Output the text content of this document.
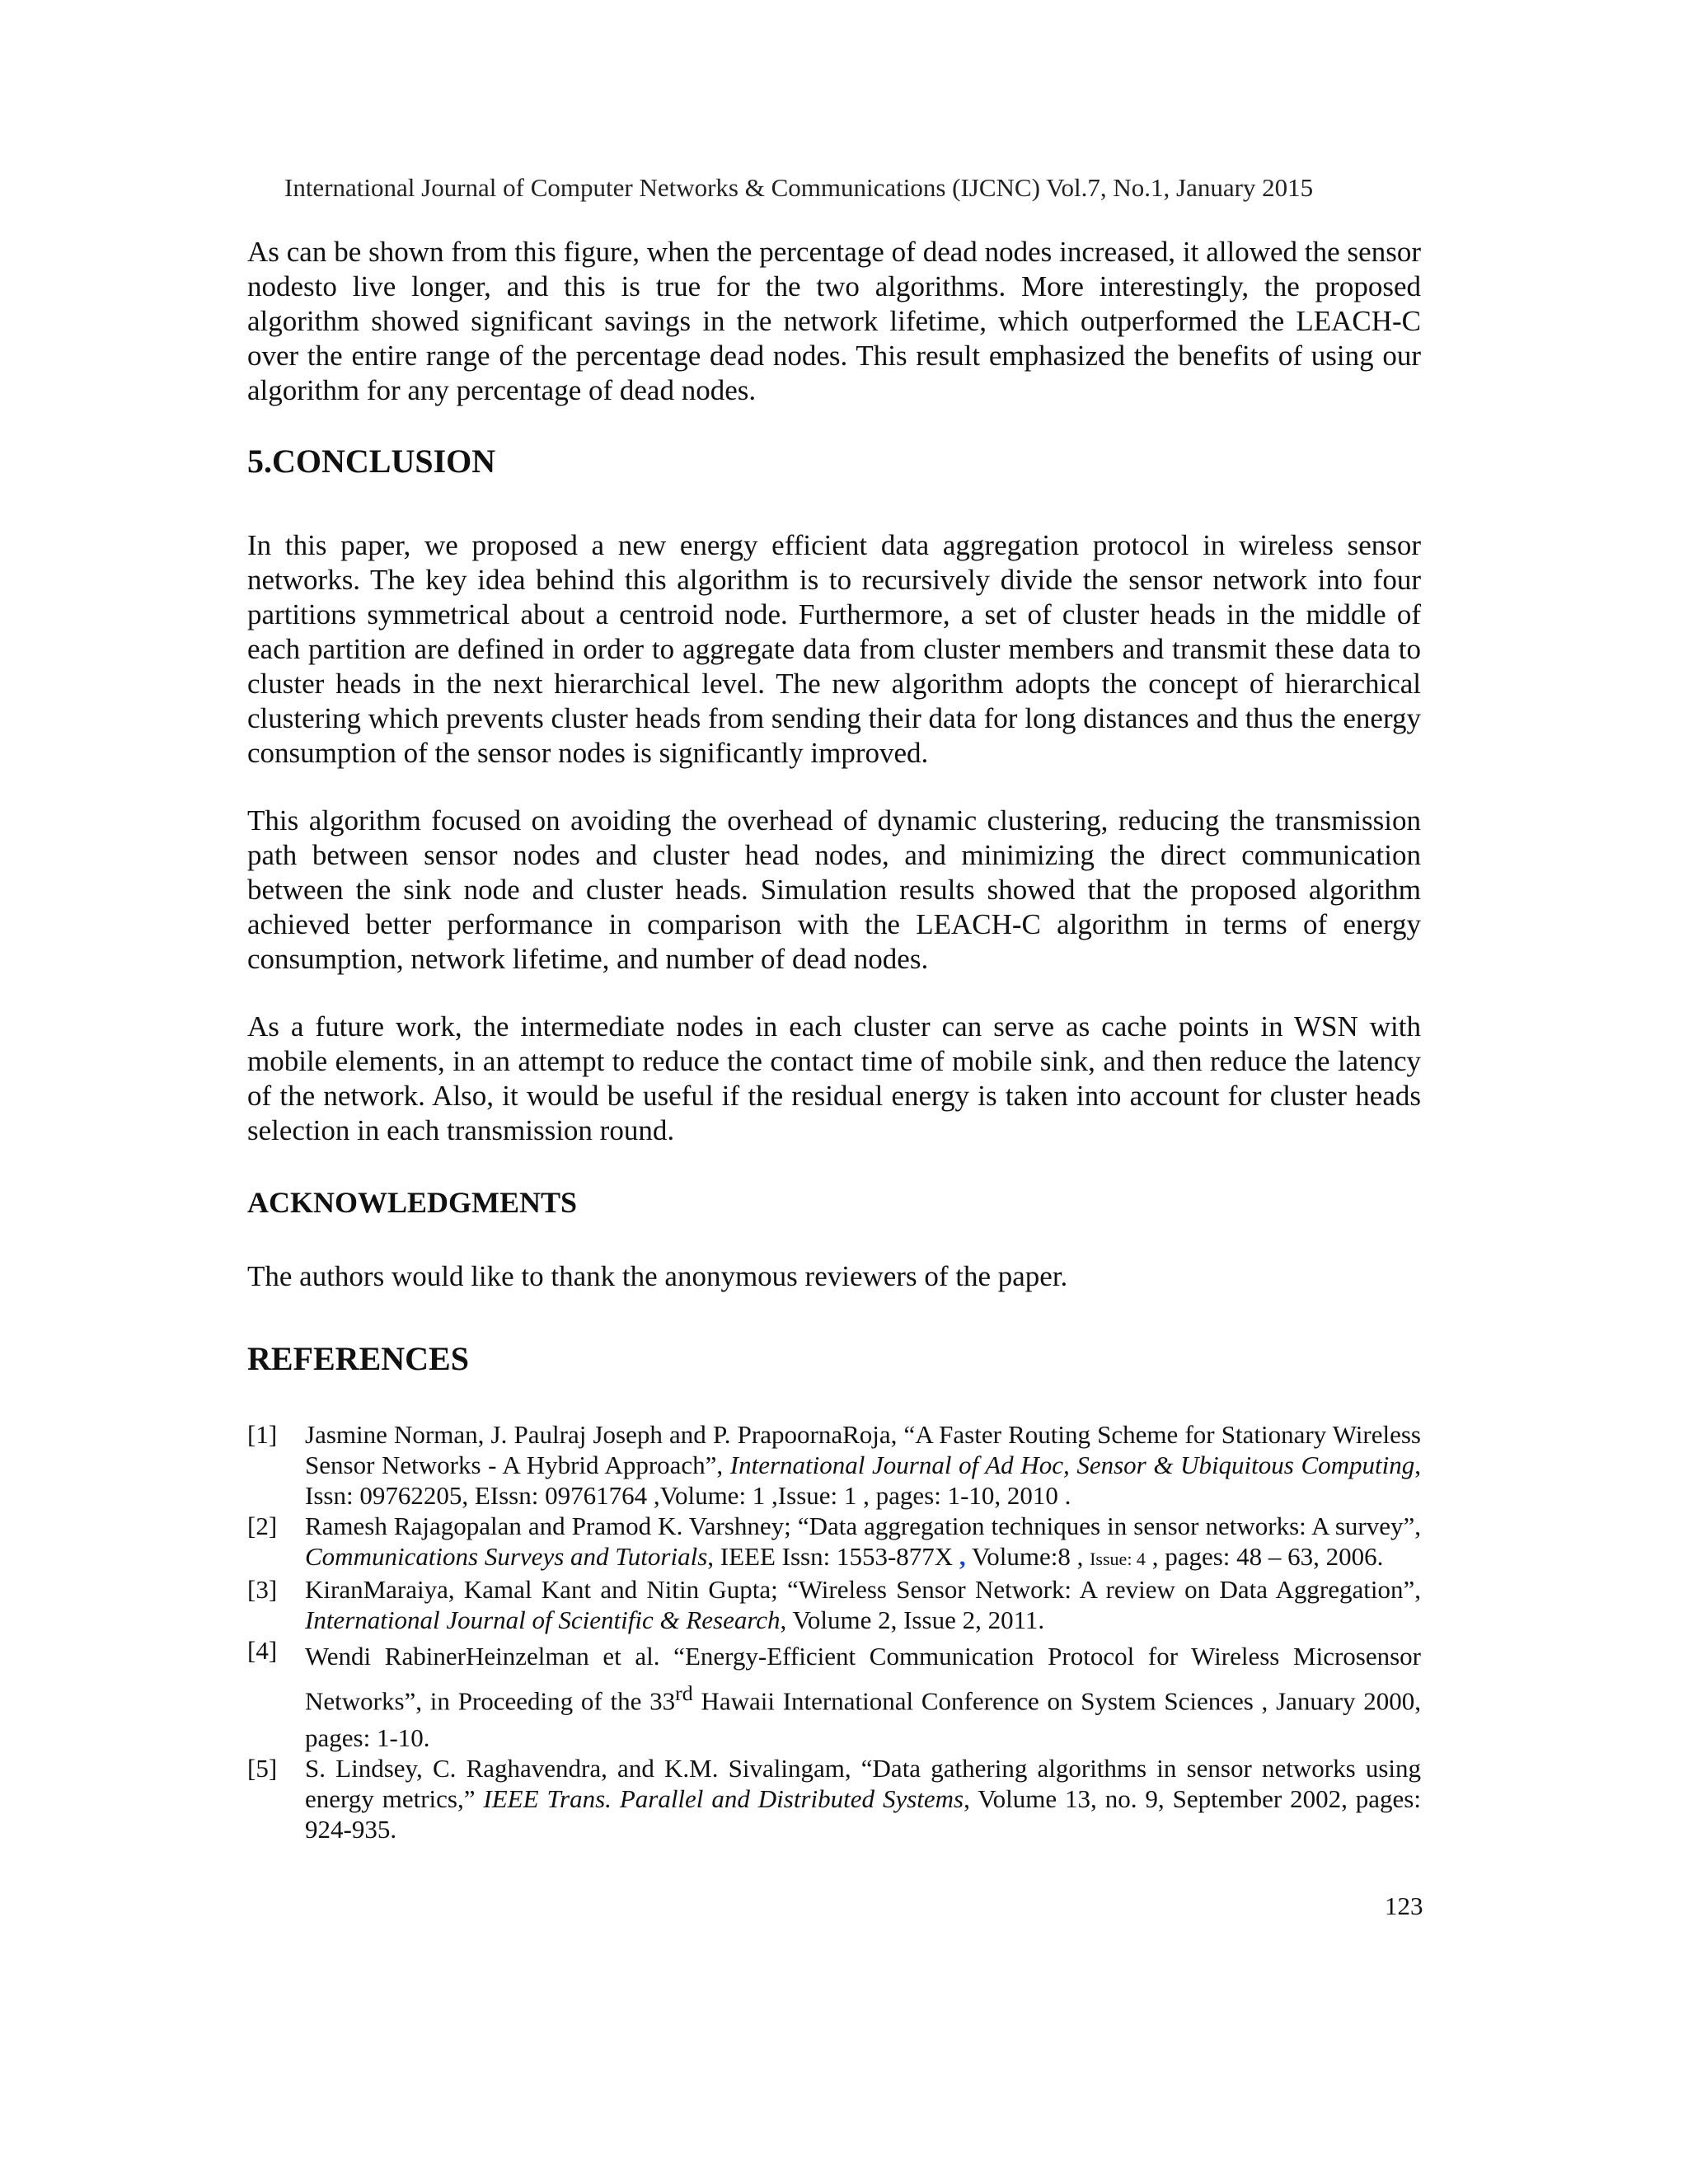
International Journal of Computer Networks & Communications (IJCNC) Vol.7, No.1, January 2015

As can be shown from this figure, when the percentage of dead nodes increased, it allowed the sensor nodesto live longer, and this is true for the two algorithms. More interestingly, the proposed algorithm showed significant savings in the network lifetime, which outperformed the LEACH-C over the entire range of the percentage dead nodes. This result emphasized the benefits of using our algorithm for any percentage of dead nodes.

5.CONCLUSION

In this paper, we proposed a new energy efficient data aggregation protocol in wireless sensor networks. The key idea behind this algorithm is to recursively divide the sensor network into four partitions symmetrical about a centroid node. Furthermore, a set of cluster heads in the middle of each partition are defined in order to aggregate data from cluster members and transmit these data to cluster heads in the next hierarchical level. The new algorithm adopts the concept of hierarchical clustering which prevents cluster heads from sending their data for long distances and thus the energy consumption of the sensor nodes is significantly improved.

This algorithm focused on avoiding the overhead of dynamic clustering, reducing the transmission path between sensor nodes and cluster head nodes, and minimizing the direct communication between the sink node and cluster heads. Simulation results showed that the proposed algorithm achieved better performance in comparison with the LEACH-C algorithm in terms of energy consumption, network lifetime, and number of dead nodes.

As a future work, the intermediate nodes in each cluster can serve as cache points in WSN with mobile elements, in an attempt to reduce the contact time of mobile sink, and then reduce the latency of the network. Also, it would be useful if the residual energy is taken into account for cluster heads selection in each transmission round.

ACKNOWLEDGMENTS

The authors would like to thank the anonymous reviewers of the paper.

REFERENCES
[1] Jasmine Norman, J. Paulraj Joseph and P. PrapoornaRoja, “A Faster Routing Scheme for Stationary Wireless Sensor Networks - A Hybrid Approach”, International Journal of Ad Hoc, Sensor & Ubiquitous Computing, Issn: 09762205, EIssn: 09761764 ,Volume: 1 ,Issue: 1 , pages: 1-10, 2010 .
[2] Ramesh Rajagopalan and Pramod K. Varshney; “Data aggregation techniques in sensor networks: A survey”, Communications Surveys and Tutorials, IEEE Issn: 1553-877X , Volume:8 , Issue: 4 , pages: 48 – 63, 2006.
[3] KiranMaraiya, Kamal Kant and Nitin Gupta; “Wireless Sensor Network: A review on Data Aggregation”, International Journal of Scientific & Research, Volume 2, Issue 2, 2011.
[4] Wendi RabinerHeinzelman et al. “Energy-Efficient Communication Protocol for Wireless Microsensor Networks”, in Proceeding of the 33rd Hawaii International Conference on System Sciences , January 2000, pages: 1-10.
[5] S. Lindsey, C. Raghavendra, and K.M. Sivalingam, “Data gathering algorithms in sensor networks using energy metrics,” IEEE Trans. Parallel and Distributed Systems, Volume 13, no. 9, September 2002, pages: 924-935.
123
